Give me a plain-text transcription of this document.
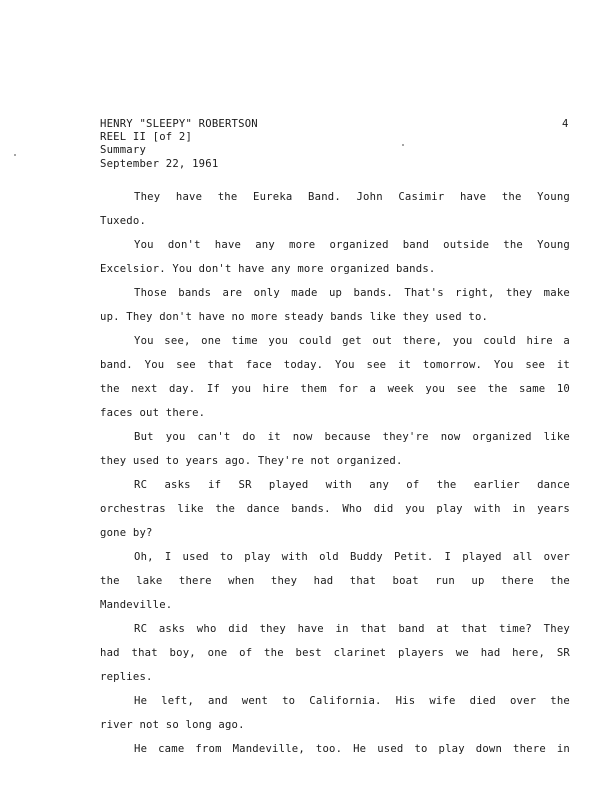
HENRY "SLEEPY" ROBERTSON
REEL II [of 2]
Summary
September 22, 1961
4
They have the Eureka Band. John Casimir have the Young
Tuxedo.
You don't have any more organized band outside the Young
Excelsior. You don't have any more organized bands.
Those bands are only made up bands. That's right, they make
up. They don't have no more steady bands like they used to.
You see, one time you could get out there, you could hire a
band. You see that face today. You see it tomorrow. You see it
the next day. If you hire them for a week you see the same 10
faces out there.
But you can't do it now because they're now organized like
they used to years ago. They're not organized.
RC asks if SR played with any of the earlier dance
orchestras like the dance bands. Who did you play with in years
gone by?
Oh, I used to play with old Buddy Petit. I played all over
the lake there when they had that boat run up there the
Mandeville.
RC asks who did they have in that band at that time? They
had that boy, one of the best clarinet players we had here, SR
replies.
He left, and went to California. His wife died over the
river not so long ago.
He came from Mandeville, too. He used to play down there in
